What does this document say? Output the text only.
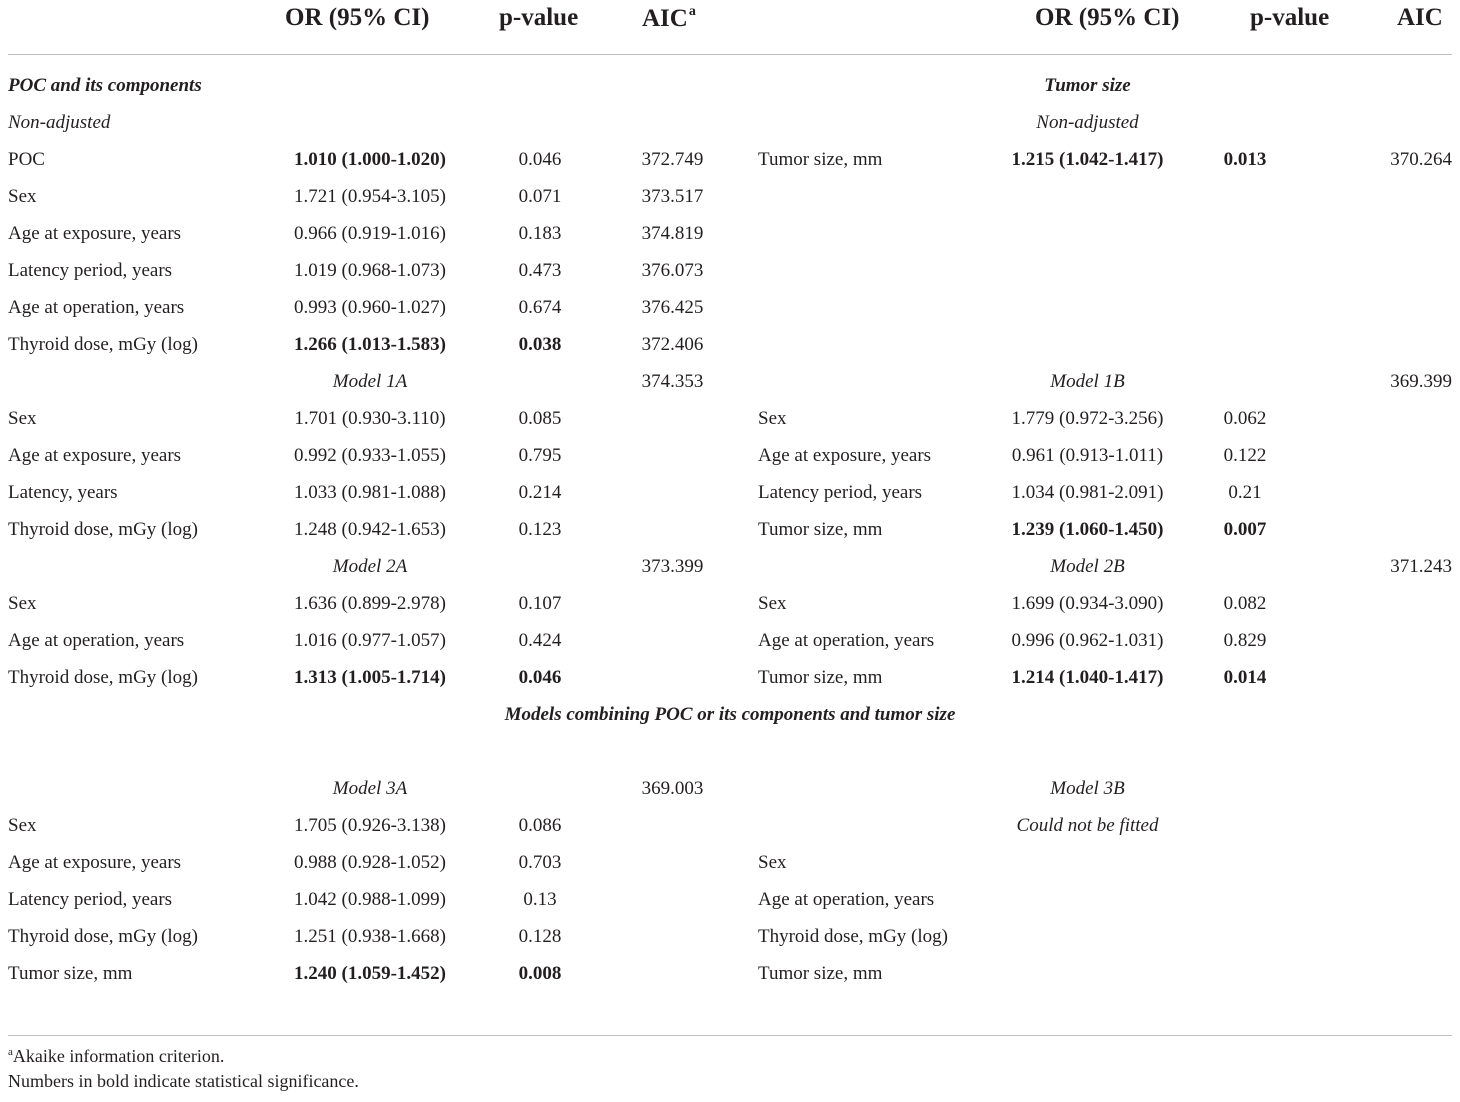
OR (95% CI)	p-value	AIC$^a$	OR (95% CI)	p-value	AIC
POC and its components	Tumor size
Non-adjusted	Non-adjusted
POC	1.010 (1.000-1.020)	0.046	372.749	Tumor size, mm	1.215 (1.042-1.417)	0.013	370.264
Sex	1.721 (0.954-3.105)	0.071	373.517
Age at exposure, years	0.966 (0.919-1.016)	0.183	374.819
Latency period, years	1.019 (0.968-1.073)	0.473	376.073
Age at operation, years	0.993 (0.960-1.027)	0.674	376.425
Thyroid dose, mGy (log)	1.266 (1.013-1.583)	0.038	372.406
Model 1A	374.353	Model 1B	369.399
Sex	1.701 (0.930-3.110)	0.085	Sex	1.779 (0.972-3.256)	0.062
Age at exposure, years	0.992 (0.933-1.055)	0.795	Age at exposure, years	0.961 (0.913-1.011)	0.122
Latency, years	1.033 (0.981-1.088)	0.214	Latency period, years	1.034 (0.981-2.091)	0.21
Thyroid dose, mGy (log)	1.248 (0.942-1.653)	0.123	Tumor size, mm	1.239 (1.060-1.450)	0.007
Model 2A	373.399	Model 2B	371.243
Sex	1.636 (0.899-2.978)	0.107	Sex	1.699 (0.934-3.090)	0.082
Age at operation, years	1.016 (0.977-1.057)	0.424	Age at operation, years	0.996 (0.962-1.031)	0.829
Thyroid dose, mGy (log)	1.313 (1.005-1.714)	0.046	Tumor size, mm	1.214 (1.040-1.417)	0.014
Models combining POC or its components and tumor size
Model 3A	369.003	Model 3B
Sex	1.705 (0.926-3.138)	0.086	Could not be fitted
Age at exposure, years	0.988 (0.928-1.052)	0.703	Sex
Latency period, years	1.042 (0.988-1.099)	0.13	Age at operation, years
Thyroid dose, mGy (log)	1.251 (0.938-1.668)	0.128	Thyroid dose, mGy (log)
Tumor size, mm	1.240 (1.059-1.452)	0.008	Tumor size, mm
$^a$Akaike information criterion.
Numbers in bold indicate statistical significance.
